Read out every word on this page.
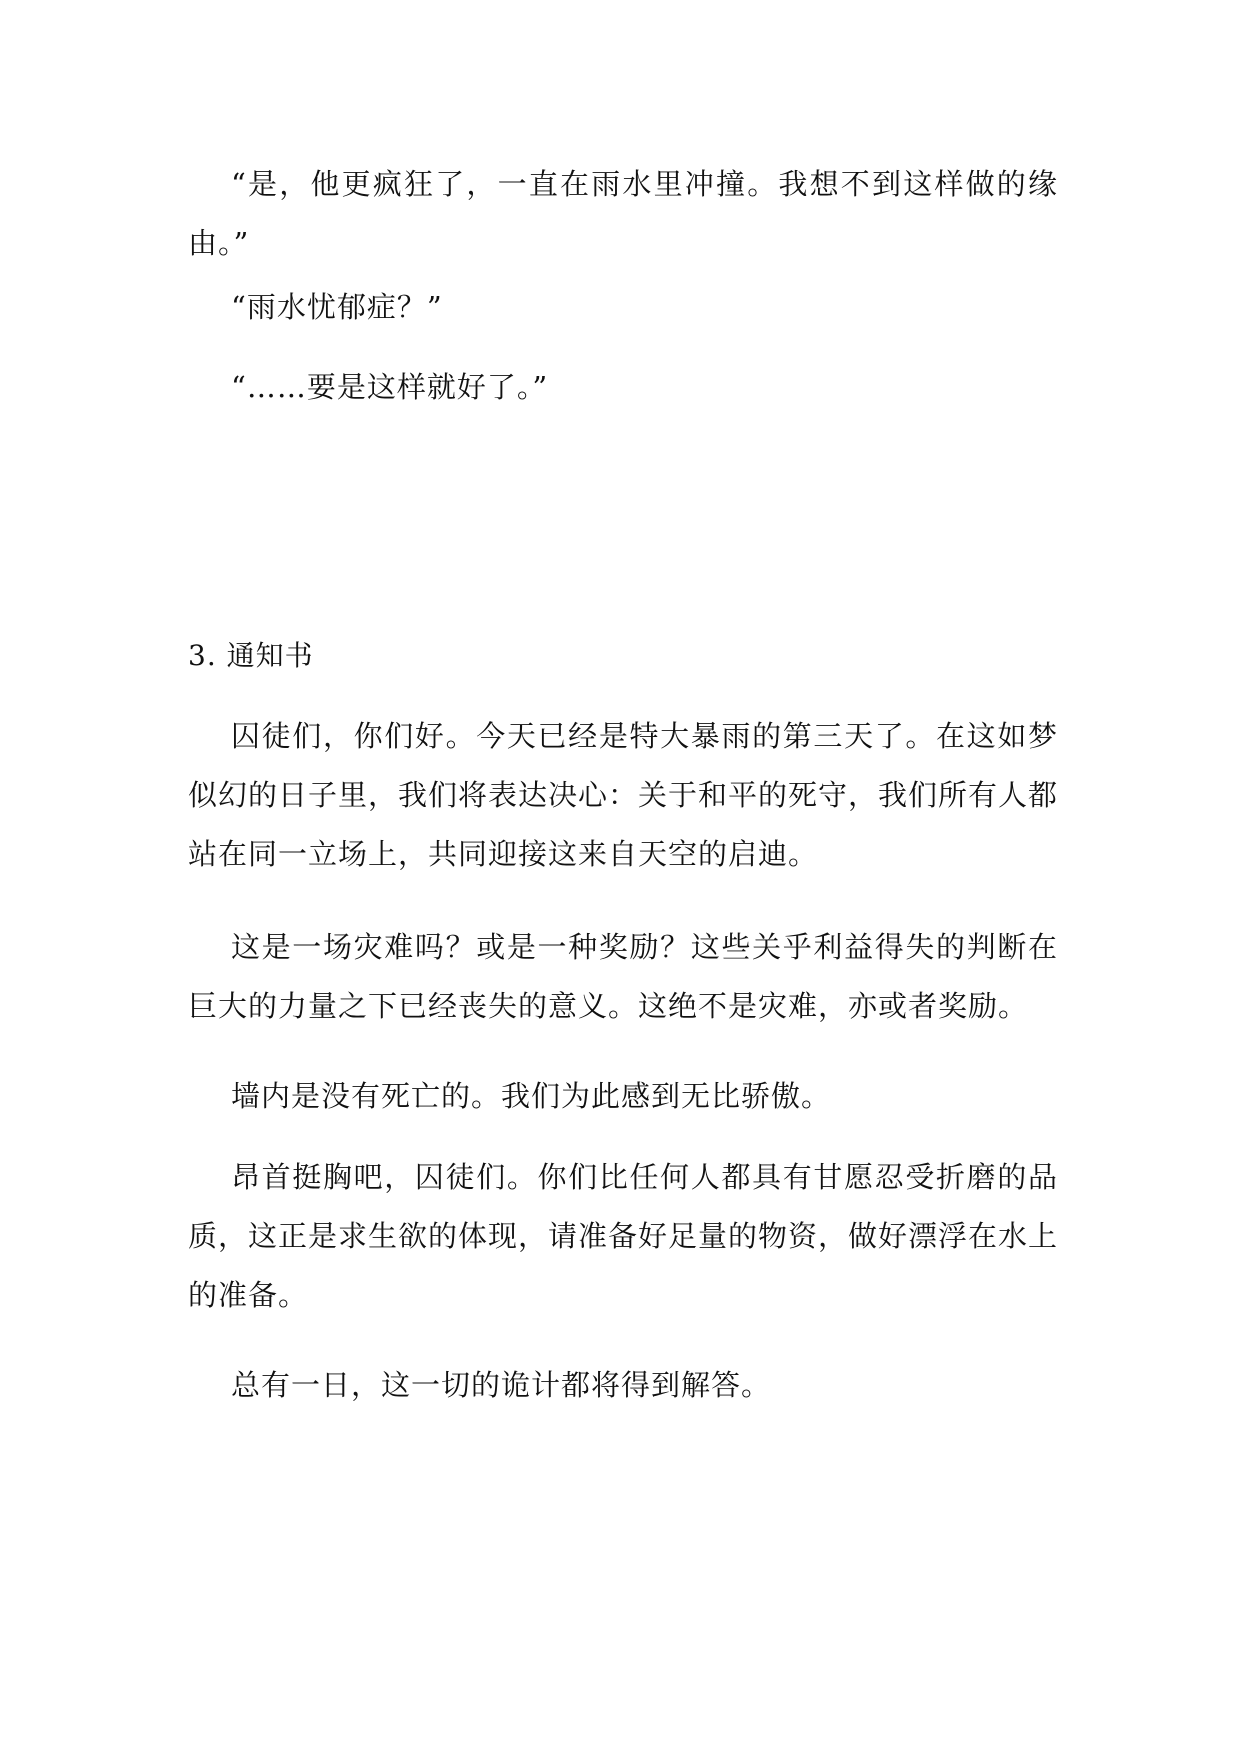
“是，他更疯狂了，一直在雨水里冲撞。我想不到这样做的缘由。”

“雨水忧郁症？”

“……要是这样就好了。”

3. 通知书

囚徒们，你们好。今天已经是特大暴雨的第三天了。在这如梦似幻的日子里，我们将表达决心：关于和平的死守，我们所有人都站在同一立场上，共同迎接这来自天空的启迪。

这是一场灾难吗？或是一种奖励？这些关乎利益得失的判断在巨大的力量之下已经丧失的意义。这绝不是灾难，亦或者奖励。

墙内是没有死亡的。我们为此感到无比骄傲。

昂首挺胸吧，囚徒们。你们比任何人都具有甘愿忍受折磨的品质，这正是求生欲的体现，请准备好足量的物资，做好漂浮在水上的准备。

总有一日，这一切的诡计都将得到解答。
